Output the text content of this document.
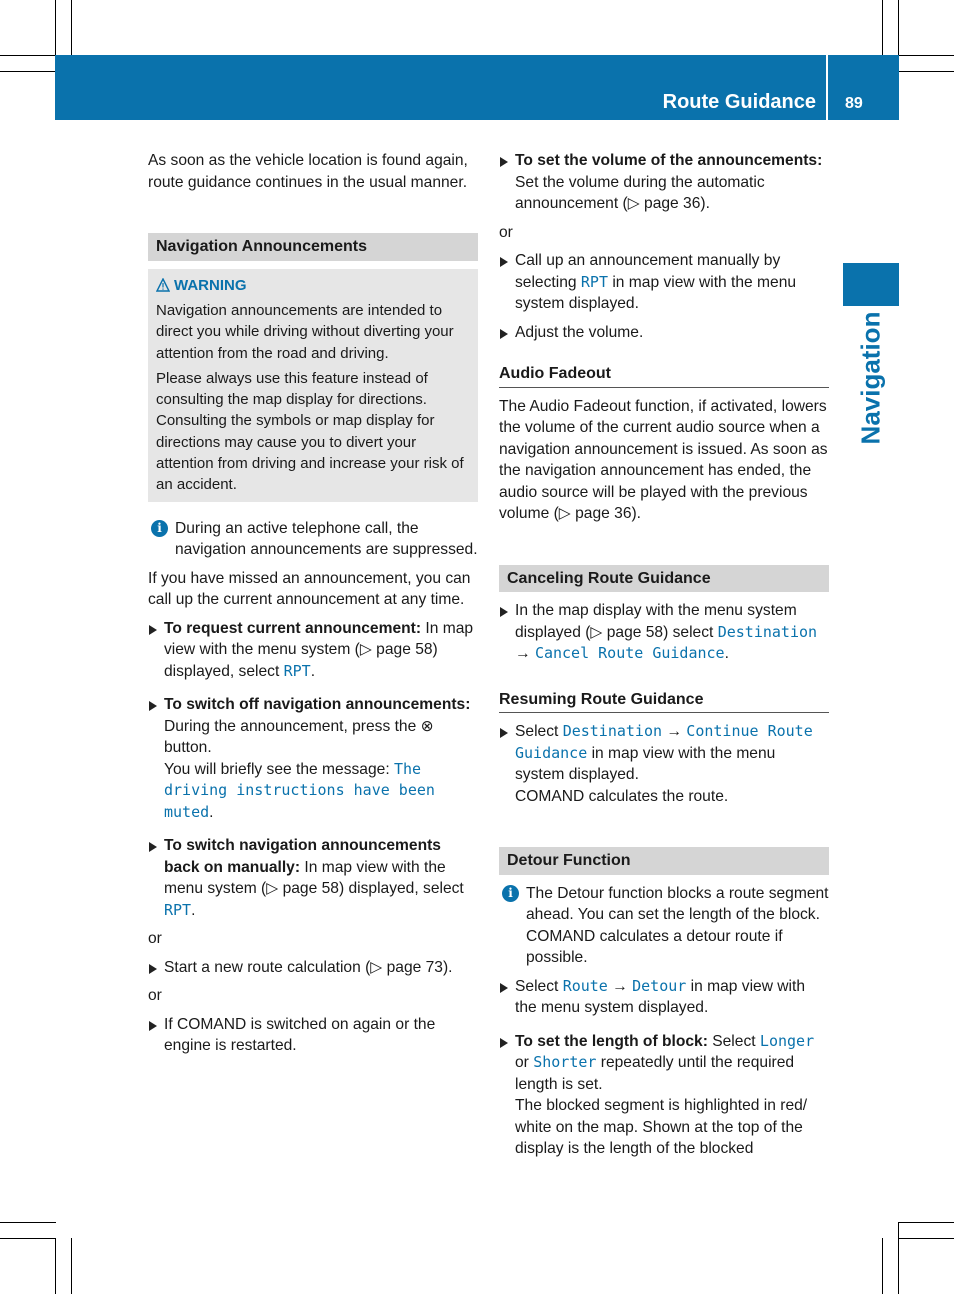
Route Guidance 89
Navigation

As soon as the vehicle location is found again, route guidance continues in the usual manner.

Navigation Announcements
WARNING

Navigation announcements are intended to direct you while driving without diverting your attention from the road and driving.

Please always use this feature instead of consulting the map display for directions. Consulting the symbols or map display for directions may cause you to divert your attention from driving and increase your risk of an accident.

i During an active telephone call, the navigation announcements are suppressed.

If you have missed an announcement, you can call up the current announcement at any time.

To request current announcement: In map view with the menu system (▷ page 58) displayed, select RPT.
To switch off navigation announcements: During the announcement, press the ⊗ button.
You will briefly see the message: The driving instructions have been muted.
To switch navigation announcements back on manually: In map view with the menu system (▷ page 58) displayed, select RPT.
or
Start a new route calculation (▷ page 73).
or
If COMAND is switched on again or the engine is restarted.
To set the volume of the announcements: Set the volume during the automatic announcement (▷ page 36).
or
Call up an announcement manually by selecting RPT in map view with the menu system displayed.
Adjust the volume.
Audio Fadeout

The Audio Fadeout function, if activated, lowers the volume of the current audio source when a navigation announcement is issued. As soon as the navigation announcement has ended, the audio source will be played with the previous volume (▷ page 36).

Canceling Route Guidance
In the map display with the menu system displayed (▷ page 58) select Destination → Cancel Route Guidance.
Resuming Route Guidance
Select Destination → Continue Route Guidance in map view with the menu system displayed.
COMAND calculates the route.
Detour Function
i The Detour function blocks a route segment ahead. You can set the length of the block. COMAND calculates a detour route if possible.
Select Route → Detour in map view with the menu system displayed.
To set the length of block: Select Longer or Shorter repeatedly until the required length is set.
The blocked segment is highlighted in red/ white on the map. Shown at the top of the display is the length of the blocked
